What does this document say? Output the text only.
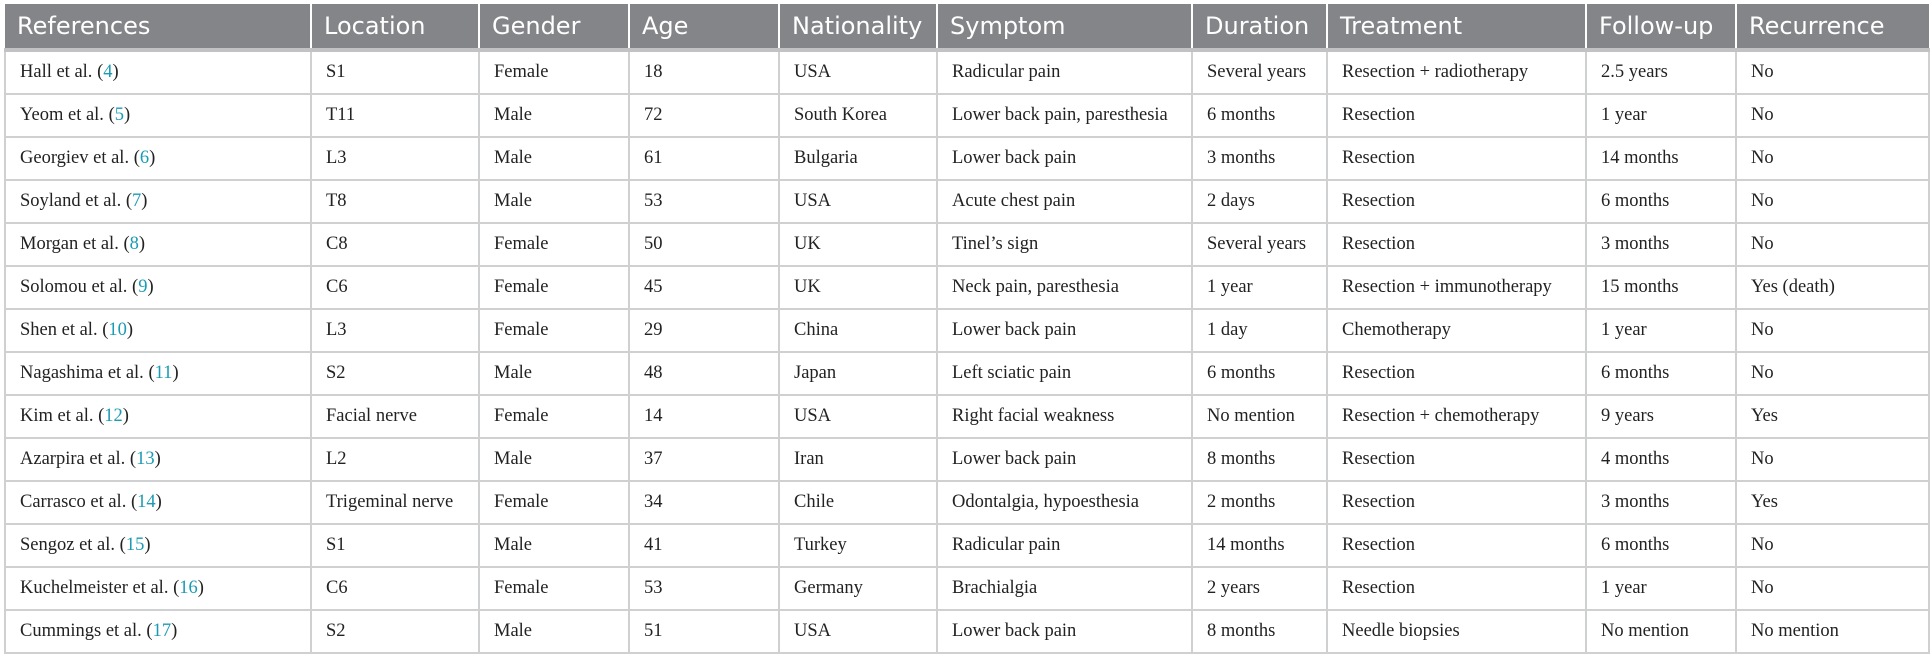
References	Location	Gender	Age	Nationality	Symptom	Duration	Treatment	Follow-up	Recurrence
Hall et al. (4)	S1	Female	18	USA	Radicular pain	Several years	Resection + radiotherapy	2.5 years	No
Yeom et al. (5)	T11	Male	72	South Korea	Lower back pain, paresthesia	6 months	Resection	1 year	No
Georgiev et al. (6)	L3	Male	61	Bulgaria	Lower back pain	3 months	Resection	14 months	No
Soyland et al. (7)	T8	Male	53	USA	Acute chest pain	2 days	Resection	6 months	No
Morgan et al. (8)	C8	Female	50	UK	Tinel’s sign	Several years	Resection	3 months	No
Solomou et al. (9)	C6	Female	45	UK	Neck pain, paresthesia	1 year	Resection + immunotherapy	15 months	Yes (death)
Shen et al. (10)	L3	Female	29	China	Lower back pain	1 day	Chemotherapy	1 year	No
Nagashima et al. (11)	S2	Male	48	Japan	Left sciatic pain	6 months	Resection	6 months	No
Kim et al. (12)	Facial nerve	Female	14	USA	Right facial weakness	No mention	Resection + chemotherapy	9 years	Yes
Azarpira et al. (13)	L2	Male	37	Iran	Lower back pain	8 months	Resection	4 months	No
Carrasco et al. (14)	Trigeminal nerve	Female	34	Chile	Odontalgia, hypoesthesia	2 months	Resection	3 months	Yes
Sengoz et al. (15)	S1	Male	41	Turkey	Radicular pain	14 months	Resection	6 months	No
Kuchelmeister et al. (16)	C6	Female	53	Germany	Brachialgia	2 years	Resection	1 year	No
Cummings et al. (17)	S2	Male	51	USA	Lower back pain	8 months	Needle biopsies	No mention	No mention
